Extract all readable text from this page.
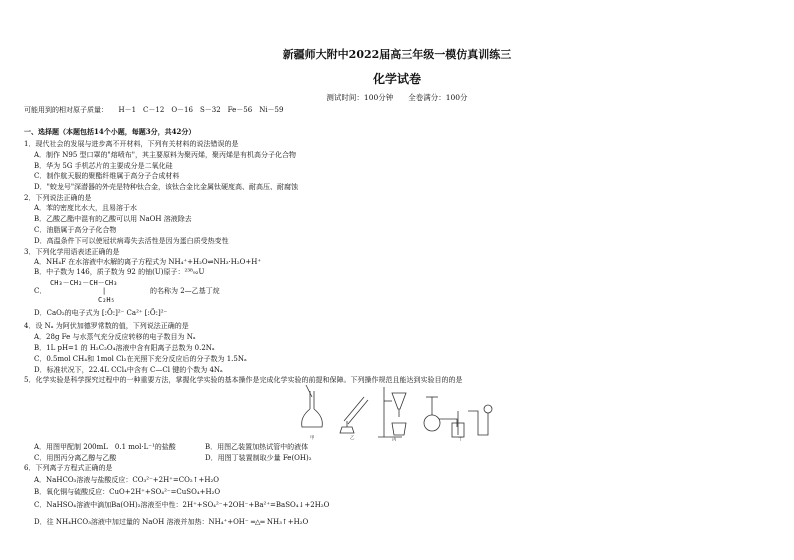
新疆师大附中2022届高三年级一模仿真训练三
化学试卷
测试时间：100分钟　　全卷满分：100分
可能用到的相对原子质量：　　H－1　C－12　O－16　S－32　Fe－56　Ni－59
一、选择题（本题包括14个小题，每题3分，共42分）
1．现代社会的发展与进步离不开材料，下列有关材料的说法错误的是
A．制作 N95 型口罩的"熔喷布"，其主要原料为聚丙烯，聚丙烯是有机高分子化合物
B．华为 5G 手机芯片的主要成分是二氧化硅
C．制作航天服的聚酯纤维属于高分子合成材料
D．"蛟龙号"深潜器的外壳是特种钛合金，该钛合金比金属钛硬度高、耐高压、耐腐蚀
2．下列说法正确的是
A．苯的密度比水大，且易溶于水
B．乙酸乙酯中混有的乙酸可以用 NaOH 溶液除去
C．油脂属于高分子化合物
D．高温条件下可以使冠状病毒失去活性是因为蛋白质受热变性
3．下列化学用语表述正确的是
A．NH₄F 在水溶液中水解的离子方程式为 NH₄⁺+H₂O⇌NH₃·H₂O+H⁺
B．中子数为 146，质子数为 92 的铀(U)原子：²³⁸₉₂U
C．
CH₃－CH₂－CH－CH₃
|
C₂H₅
的名称为 2—乙基丁烷
D．CaO₂的电子式为 [:Ö:]²⁻ Ca²⁺ [:Ö:]²⁻
4．设 Nₐ 为阿伏加德罗常数的值，下列说法正确的是
A．28g Fe 与水蒸气充分反应转移的电子数目为 Nₐ
B．1L pH=1 的 H₂C₂O₄溶液中含有阳离子总数为 0.2Nₐ
C．0.5mol CH₄和 1mol Cl₂在光照下充分反应后的分子数为 1.5Nₐ
D．标准状况下，22.4L CCl₄中含有 C—Cl 键的个数为 4Nₐ
5．化学实验是科学探究过程中的一种重要方法，掌握化学实验的基本操作是完成化学实验的前提和保障。下列操作规范且能达到实验目的的是
甲	乙	丙	丁
A．用图甲配制 200mL　0.1 mol·L⁻¹的盐酸	B．用图乙装置加热试管中的液体
C．用图丙分离乙醇与乙酸	D．用图丁装置制取少量 Fe(OH)₂
6．下列离子方程式正确的是
A．NaHCO₃溶液与盐酸反应：CO₃²⁻+2H⁺=CO₂↑+H₂O
B．氧化铜与硫酸反应：CuO+2H⁺+SO₄²⁻=CuSO₄+H₂O
C．NaHSO₄溶液中滴加Ba(OH)₂溶液至中性：2H⁺+SO₄²⁻+2OH⁻+Ba²⁺=BaSO₄↓+2H₂O
D．往 NH₄HCO₃溶液中加过量的 NaOH 溶液并加热：NH₄⁺+OH⁻ ═△═ NH₃↑+H₂O
